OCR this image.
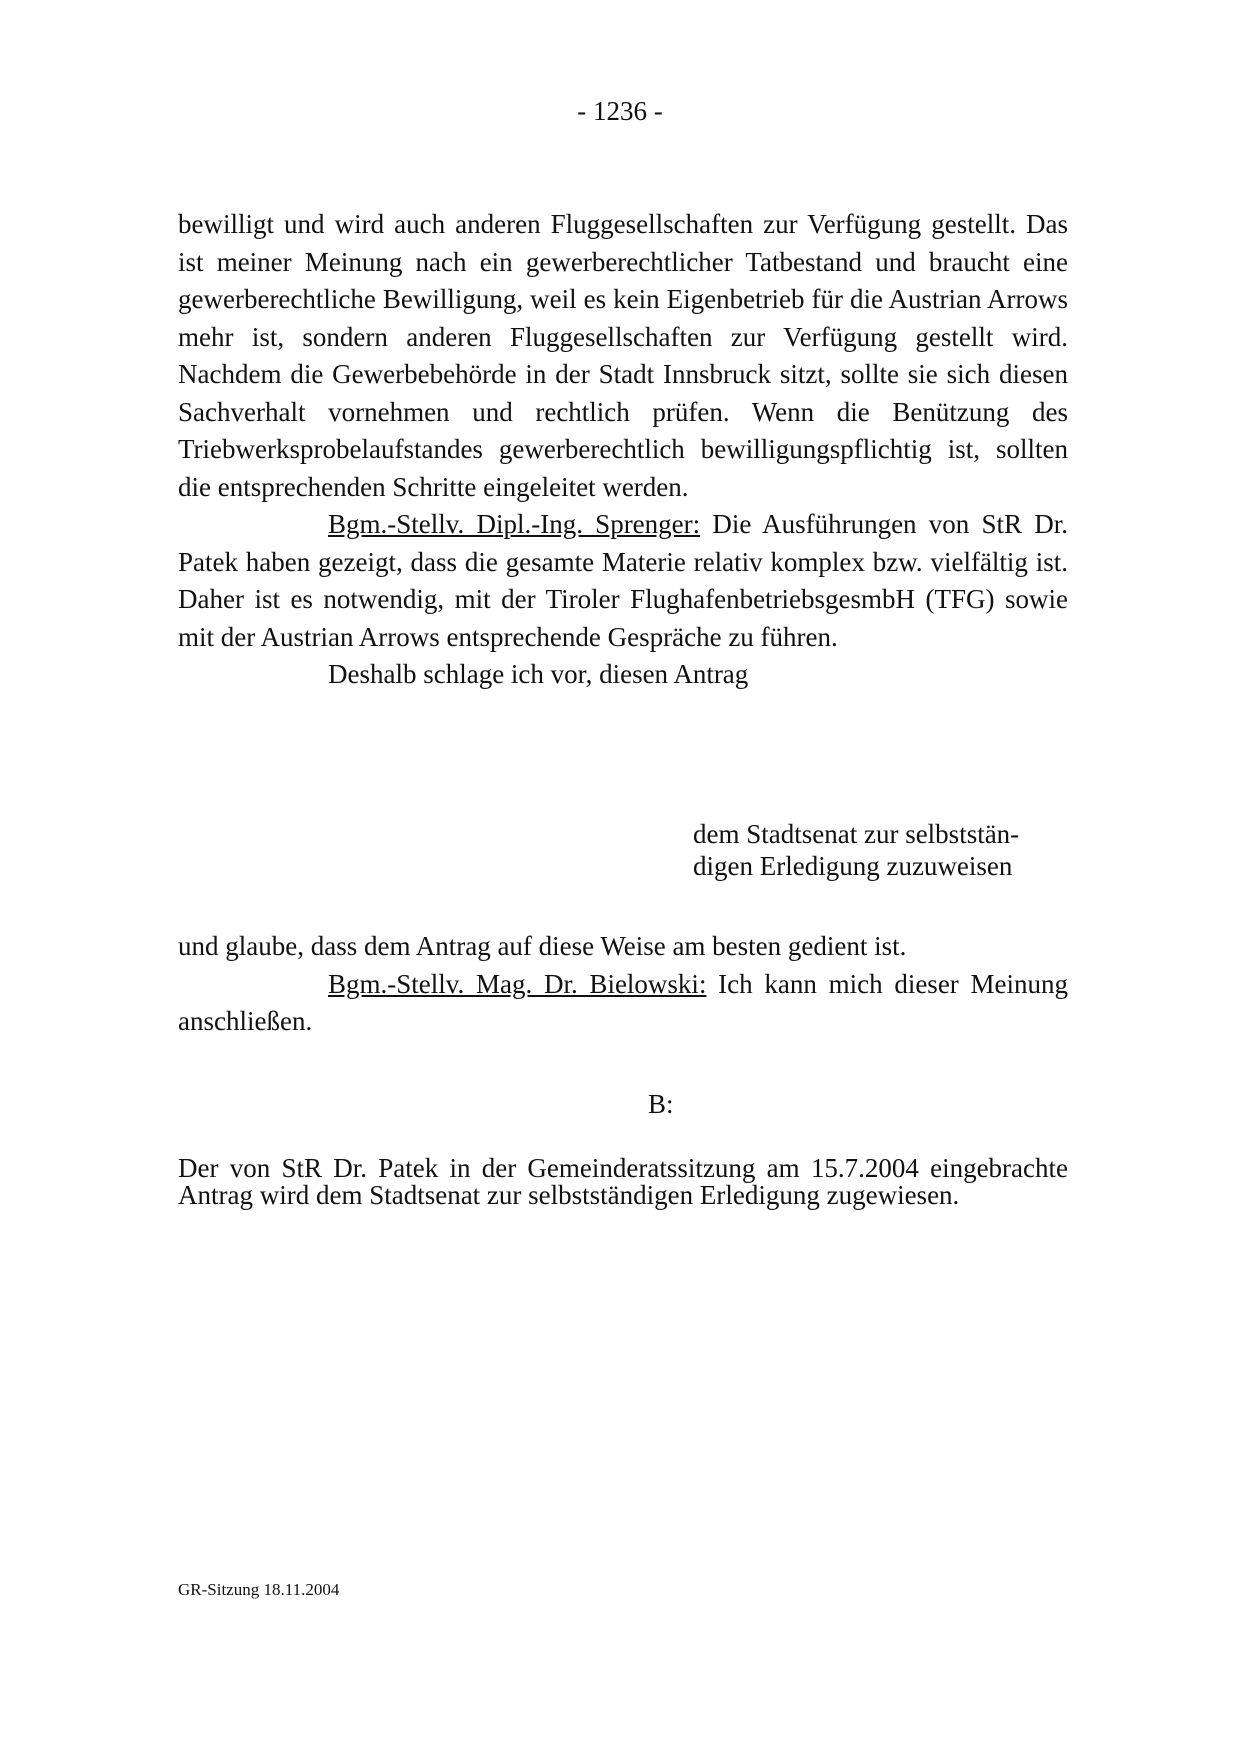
- 1236 -

bewilligt und wird auch anderen Fluggesellschaften zur Verfügung gestellt. Das ist meiner Meinung nach ein gewerberechtlicher Tatbestand und braucht eine gewerberechtliche Bewilligung, weil es kein Eigenbetrieb für die Austrian Arrows mehr ist, sondern anderen Fluggesellschaften zur Verfügung gestellt wird. Nachdem die Gewerbebehörde in der Stadt Innsbruck sitzt, sollte sie sich diesen Sachverhalt vornehmen und rechtlich prüfen. Wenn die Benützung des Triebwerksprobelaufstandes gewerberechtlich bewilligungspflichtig ist, sollten die entsprechenden Schritte eingeleitet werden.

Bgm.-Stellv. Dipl.-Ing. Sprenger: Die Ausführungen von StR Dr. Patek haben gezeigt, dass die gesamte Materie relativ komplex bzw. vielfältig ist. Daher ist es notwendig, mit der Tiroler FlughafenbetriebsgesmbH (TFG) sowie mit der Austrian Arrows entsprechende Gespräche zu führen.

Deshalb schlage ich vor, diesen Antrag

dem Stadtsenat zur selbststän-
digen Erledigung zuzuweisen

und glaube, dass dem Antrag auf diese Weise am besten gedient ist.

Bgm.-Stellv. Mag. Dr. Bielowski: Ich kann mich dieser Meinung anschließen.

B:

Der von StR Dr. Patek in der Gemeinderatssitzung am 15.7.2004 eingebrachte Antrag wird dem Stadtsenat zur selbstständigen Erledigung zugewiesen.

GR-Sitzung 18.11.2004
